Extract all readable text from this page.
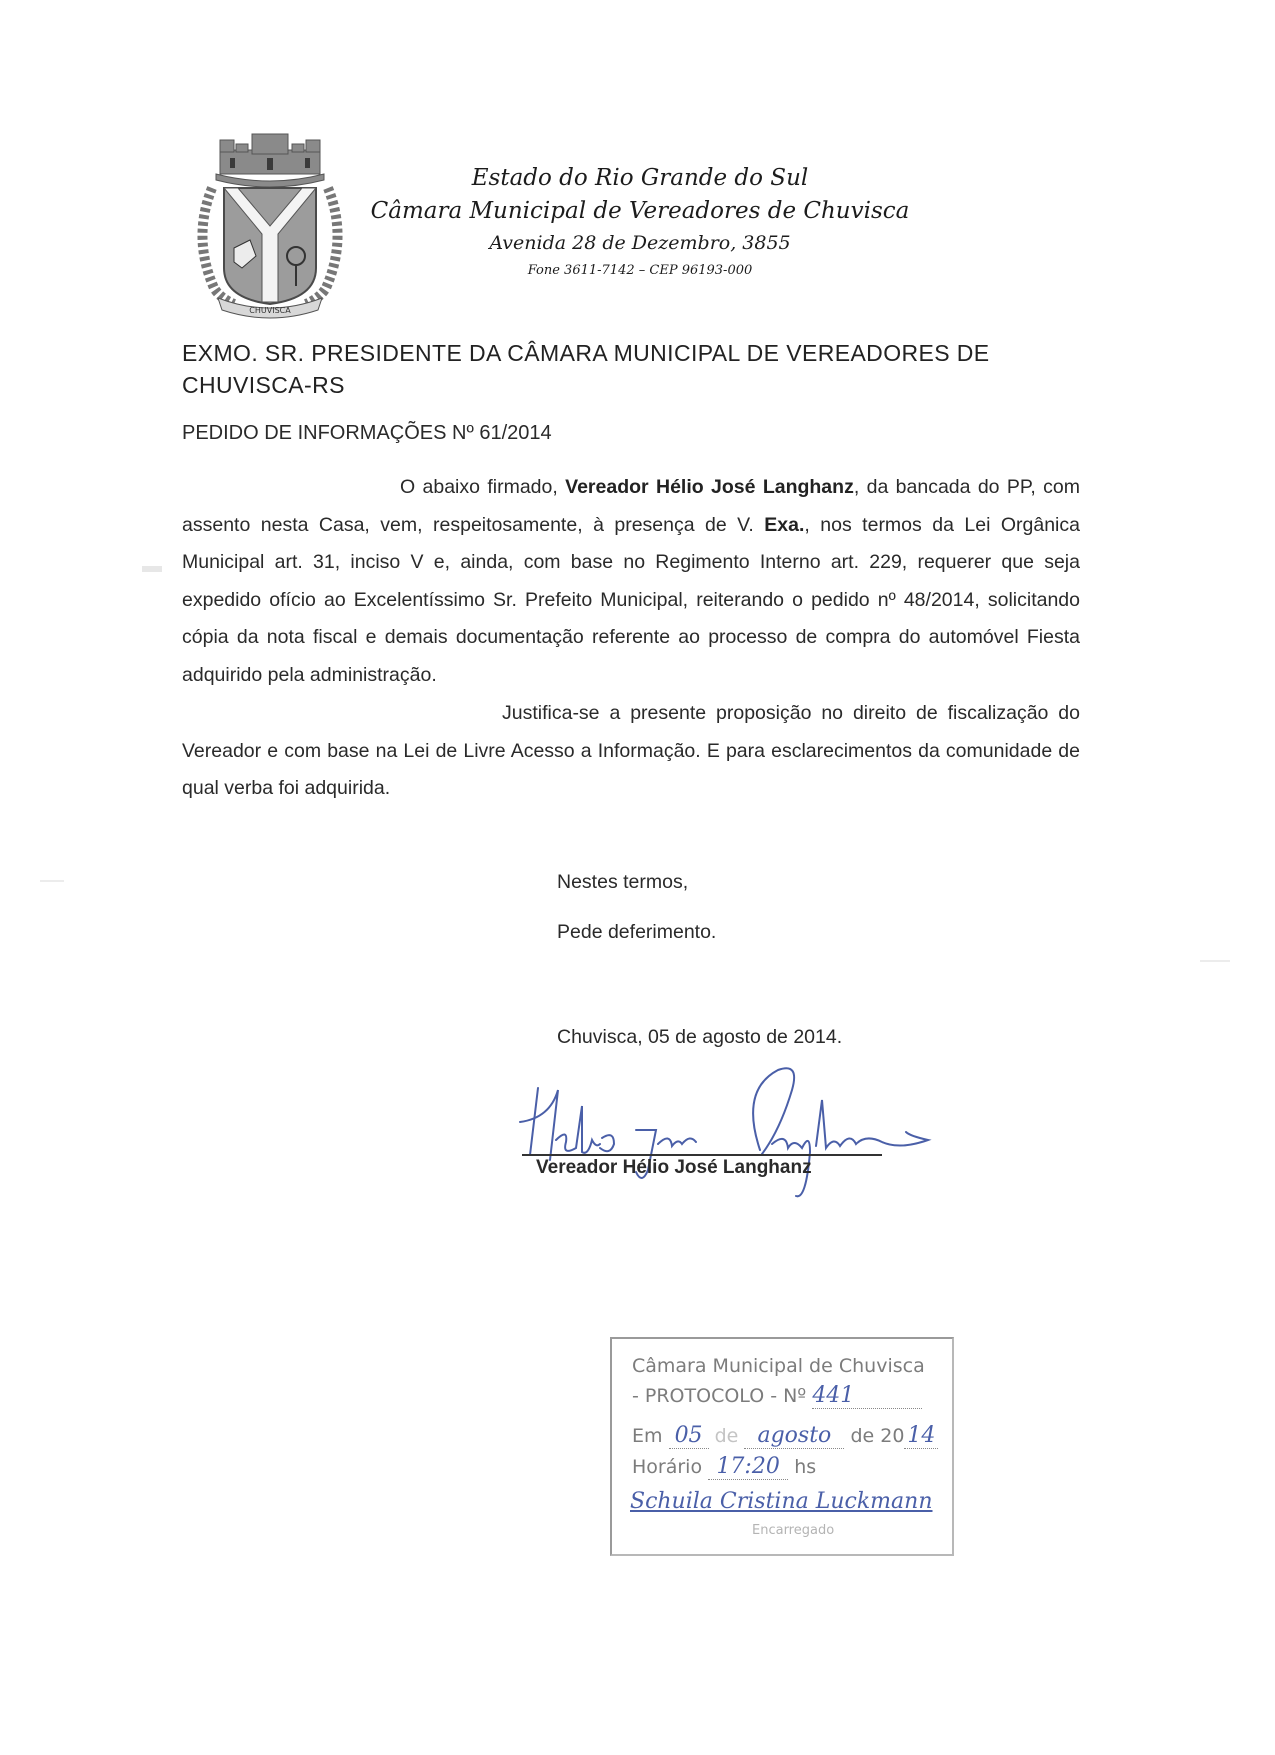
CHUVISCA
Estado do Rio Grande do Sul
Câmara Municipal de Vereadores de Chuvisca
Avenida 28 de Dezembro, 3855
Fone 3611-7142 – CEP 96193-000
EXMO. SR. PRESIDENTE DA CÂMARA MUNICIPAL DE VEREADORES DE
CHUVISCA-RS
PEDIDO DE INFORMAÇÕES Nº 61/2014
O abaixo firmado, Vereador Hélio José Langhanz, da bancada do PP, com assento nesta Casa, vem, respeitosamente, à presença de V. Exa., nos termos da Lei Orgânica Municipal art. 31, inciso V e, ainda, com base no Regimento Interno art. 229, requerer que seja expedido ofício ao Excelentíssimo Sr. Prefeito Municipal, reiterando o pedido nº 48/2014, solicitando cópia da nota fiscal e demais documentação referente ao processo de compra do automóvel Fiesta adquirido pela administração.
Justifica-se a presente proposição no direito de fiscalização do Vereador e com base na Lei de Livre Acesso a Informação. E para esclarecimentos da comunidade de qual verba foi adquirida.
Nestes termos,
Pede deferimento.
Chuvisca, 05 de agosto de 2014.
Vereador Hélio José Langhanz
Câmara Municipal de Chuvisca
- PROTOCOLO - Nº 441
Em 05 de agosto de 20 14
Horário 17:20 hs
Schuila Cristina Luckmann
Encarregado
